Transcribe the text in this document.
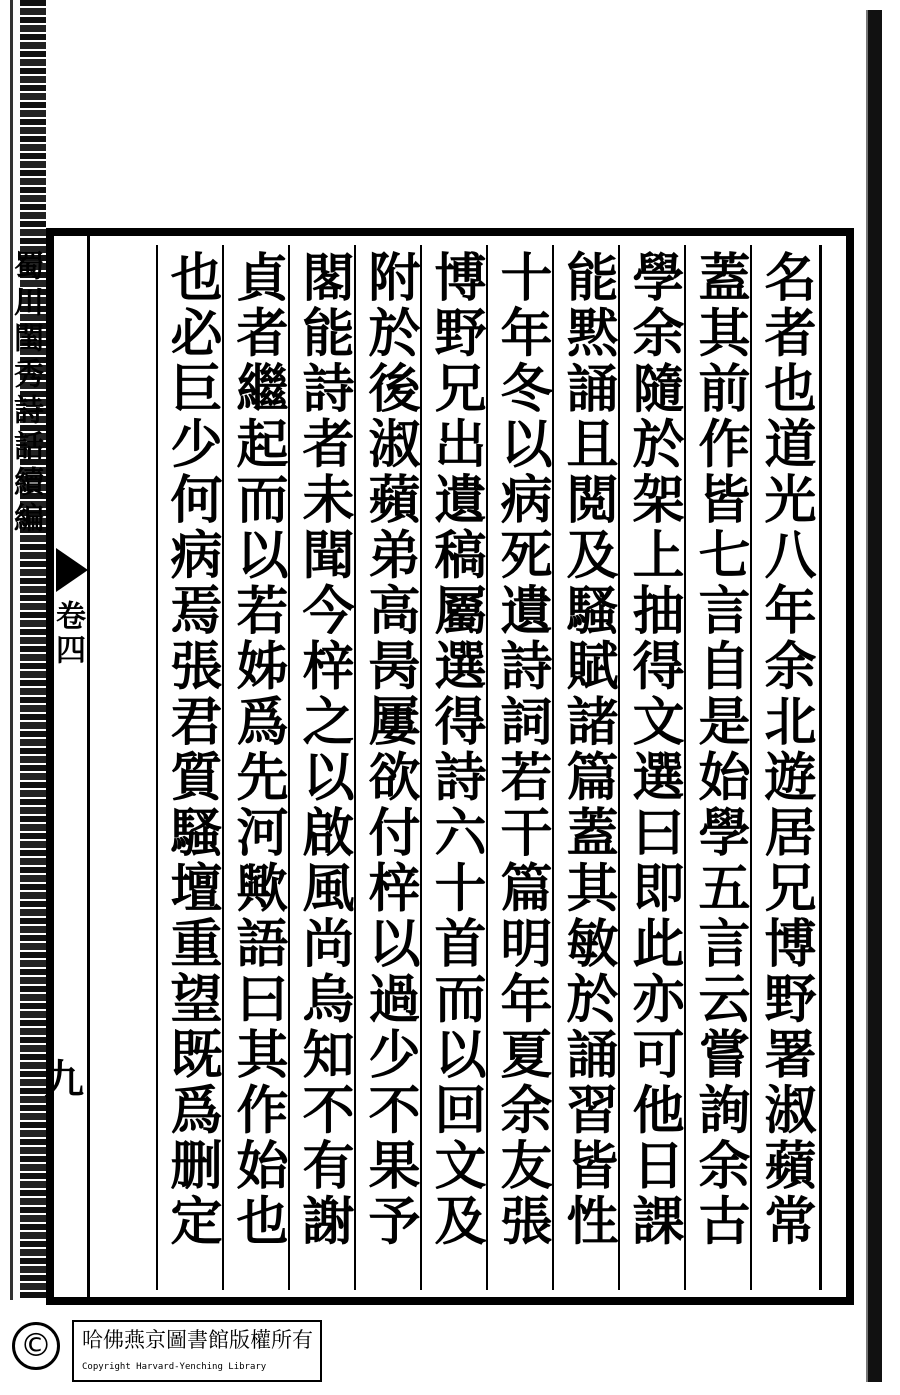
蜀川閨秀詩話續編
卷四
九
名者也道光八年余北遊居兄博野署淑蘋常
蓋其前作皆七言自是始學五言云嘗詢余古
學余隨於架上抽得文選曰即此亦可他日課
能黙誦且閲及騷賦諸篇蓋其敏於誦習皆性
十年冬以病死遺詩詞若干篇明年夏余友張
博野兄出遺稿屬選得詩六十首而以回文及
附於後淑蘋弟高昺屢欲付梓以過少不果予
閣能詩者未聞今梓之以啟風尚烏知不有謝
貞者繼起而以若姊爲先河歟語曰其作始也
也必巨少何病焉張君質騷壇重望既爲删定
©	哈佛燕京圖書館版權所有
Copyright Harvard-Yenching Library
